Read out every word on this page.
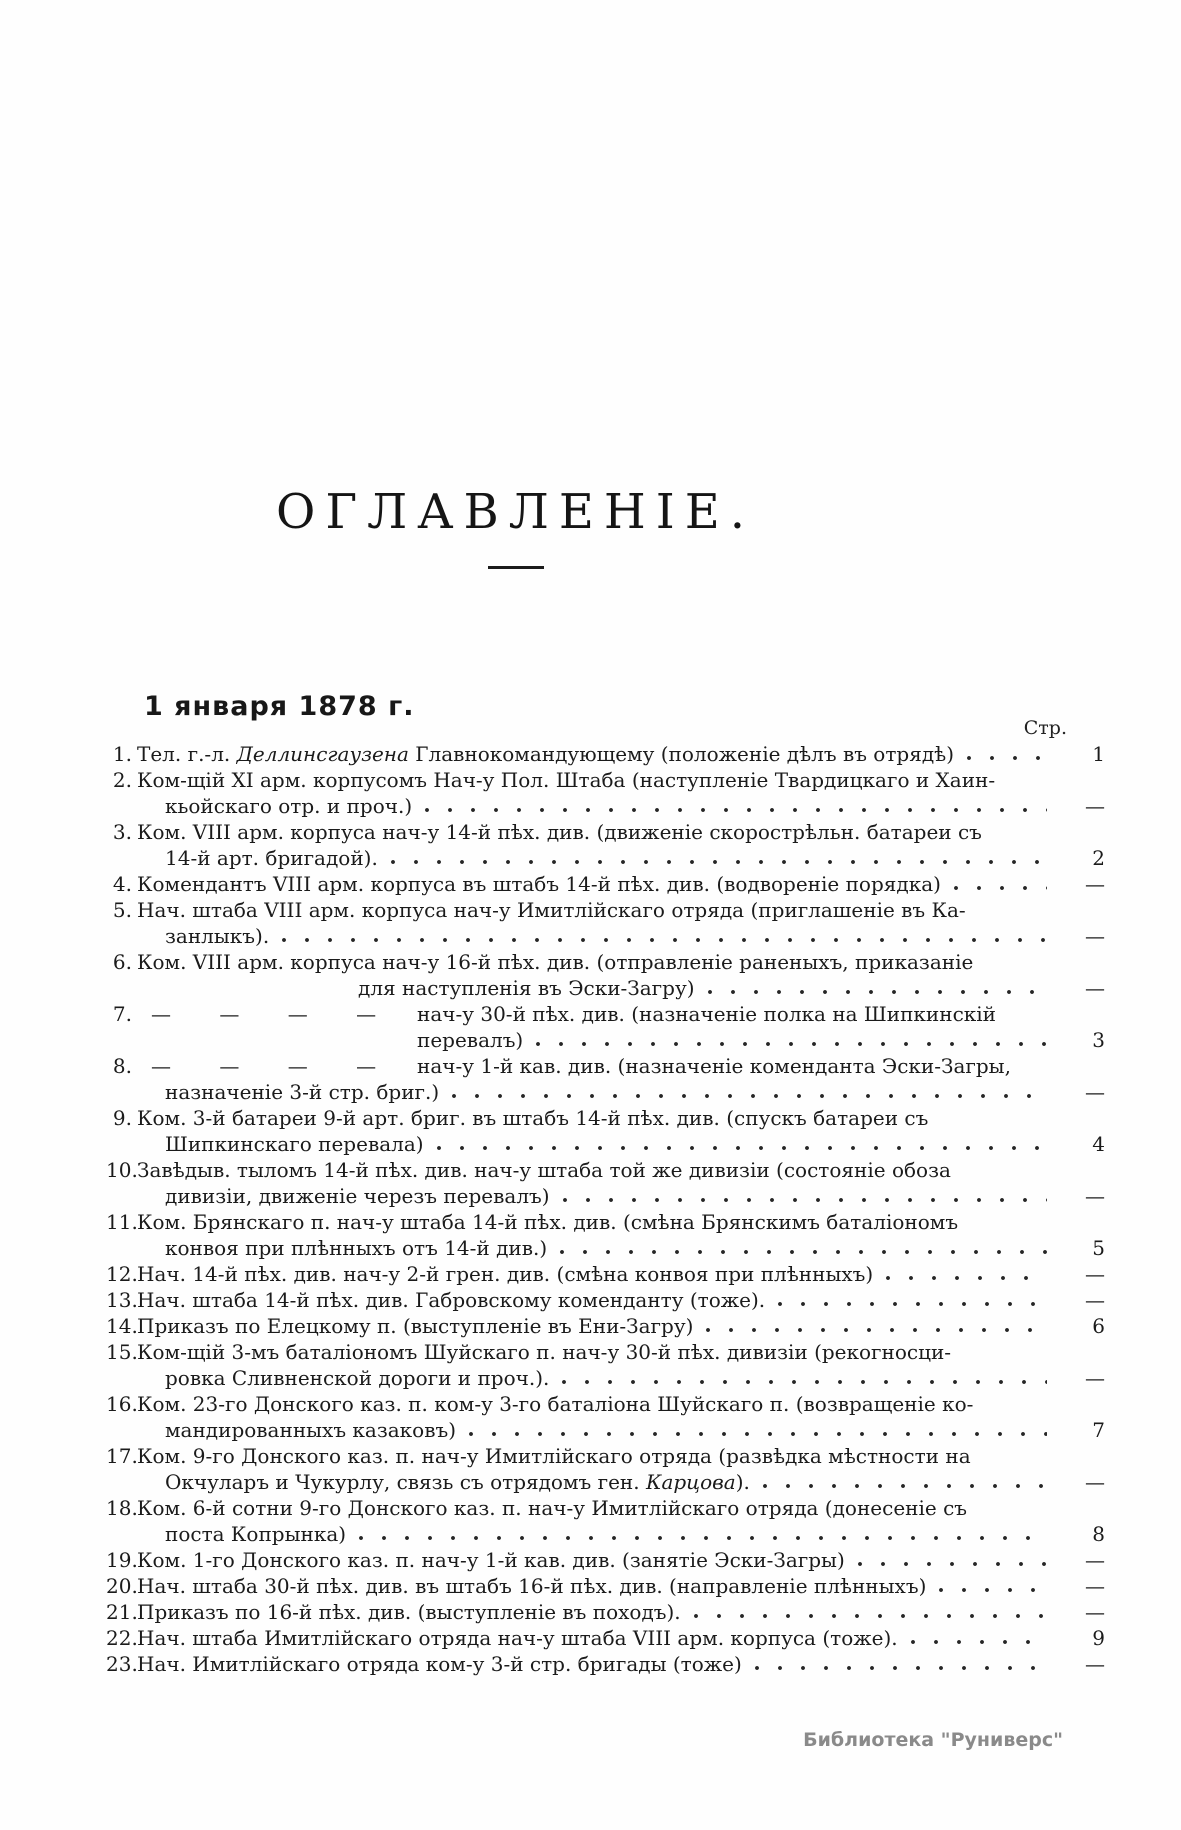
ОГЛАВЛЕНІЕ.
1 января 1878 г.
Стр.
1. Тел. г.-л. Деллинсгаузена Главнокомандующему (положеніе дѣлъ въ отрядѣ)	1
2. Ком-щій XI арм. корпусомъ Нач-у Пол. Штаба (наступленіе Твардицкаго и Хаин-
кьойскаго отр. и проч.)	—
3. Ком. VIII арм. корпуса нач-у 14-й пѣх. див. (движеніе скорострѣльн. батареи съ
14-й арт. бригадой).	2
4. Комендантъ VIII арм. корпуса въ штабъ 14-й пѣх. див. (водвореніе порядка)	—
5. Нач. штаба VIII арм. корпуса нач-у Имитлійскаго отряда (приглашеніе въ Ка-
занлыкъ).	—
6. Ком. VIII арм. корпуса нач-у 16-й пѣх. див. (отправленіе раненыхъ, приказаніе
для наступленія въ Эски-Загру)	—
7. — — — — нач-у 30-й пѣх. див. (назначеніе полка на Шипкинскій
перевалъ)	3
8. — — — — нач-у 1-й кав. див. (назначеніе коменданта Эски-Загры,
назначеніе 3-й стр. бриг.)	—
9. Ком. 3-й батареи 9-й арт. бриг. въ штабъ 14-й пѣх. див. (спускъ батареи съ
Шипкинскаго перевала)	4
10. Завѣдыв. тыломъ 14-й пѣх. див. нач-у штаба той же дивизіи (состояніе обоза
дивизіи, движеніе черезъ перевалъ)	—
11. Ком. Брянскаго п. нач-у штаба 14-й пѣх. див. (смѣна Брянскимъ баталіономъ
конвоя при плѣнныхъ отъ 14-й див.)	5
12. Нач. 14-й пѣх. див. нач-у 2-й грен. див. (смѣна конвоя при плѣнныхъ)	—
13. Нач. штаба 14-й пѣх. див. Габровскому коменданту (тоже).	—
14. Приказъ по Елецкому п. (выступленіе въ Ени-Загру)	6
15. Ком-щій 3-мъ баталіономъ Шуйскаго п. нач-у 30-й пѣх. дивизіи (рекогносци-
ровка Сливненской дороги и проч.).	—
16. Ком. 23-го Донского каз. п. ком-у 3-го баталіона Шуйскаго п. (возвращеніе ко-
мандированныхъ казаковъ)	7
17. Ком. 9-го Донского каз. п. нач-у Имитлійскаго отряда (развѣдка мѣстности на
Окчуларъ и Чукурлу, связь съ отрядомъ ген. Карцова).	—
18. Ком. 6-й сотни 9-го Донского каз. п. нач-у Имитлійскаго отряда (донесеніе съ
поста Копрынка)	8
19. Ком. 1-го Донского каз. п. нач-у 1-й кав. див. (занятіе Эски-Загры)	—
20. Нач. штаба 30-й пѣх. див. въ штабъ 16-й пѣх. див. (направленіе плѣнныхъ)	—
21. Приказъ по 16-й пѣх. див. (выступленіе въ походъ).	—
22. Нач. штаба Имитлійскаго отряда нач-у штаба VIII арм. корпуса (тоже).	9
23. Нач. Имитлійскаго отряда ком-у 3-й стр. бригады (тоже)	—
Библиотека "Руниверс"
